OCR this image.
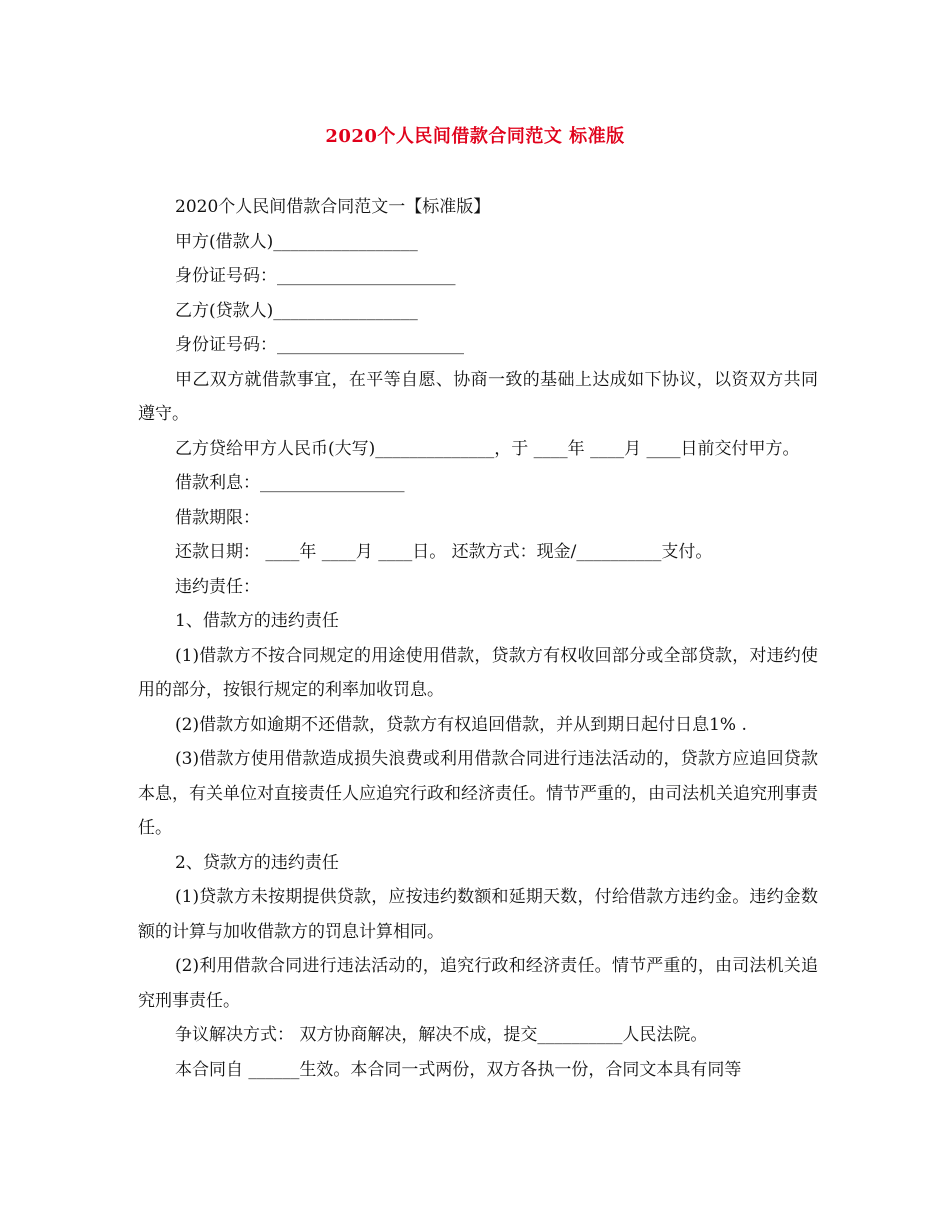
2020个人民间借款合同范文 标准版
2020个人民间借款合同范文一【标准版】
甲方(借款人)_________________
身份证号码：_____________________
乙方(贷款人)_________________
身份证号码：______________________
甲乙双方就借款事宜，在平等自愿、协商一致的基础上达成如下协议，以资双方共同遵守。
乙方贷给甲方人民币(大写)______________，于 ____年 ____月 ____日前交付甲方。
借款利息：_________________
借款期限：
还款日期： ____年 ____月 ____日。 还款方式：现金/__________支付。
违约责任：
1、借款方的违约责任
(1)借款方不按合同规定的用途使用借款，贷款方有权收回部分或全部贷款，对违约使用的部分，按银行规定的利率加收罚息。
(2)借款方如逾期不还借款，贷款方有权追回借款，并从到期日起付日息1% .
(3)借款方使用借款造成损失浪费或利用借款合同进行违法活动的，贷款方应追回贷款本息，有关单位对直接责任人应追究行政和经济责任。情节严重的，由司法机关追究刑事责任。
2、贷款方的违约责任
(1)贷款方未按期提供贷款，应按违约数额和延期天数，付给借款方违约金。违约金数额的计算与加收借款方的罚息计算相同。
(2)利用借款合同进行违法活动的，追究行政和经济责任。情节严重的，由司法机关追究刑事责任。
争议解决方式： 双方协商解决，解决不成，提交__________人民法院。
本合同自 ______生效。本合同一式两份，双方各执一份，合同文本具有同等
